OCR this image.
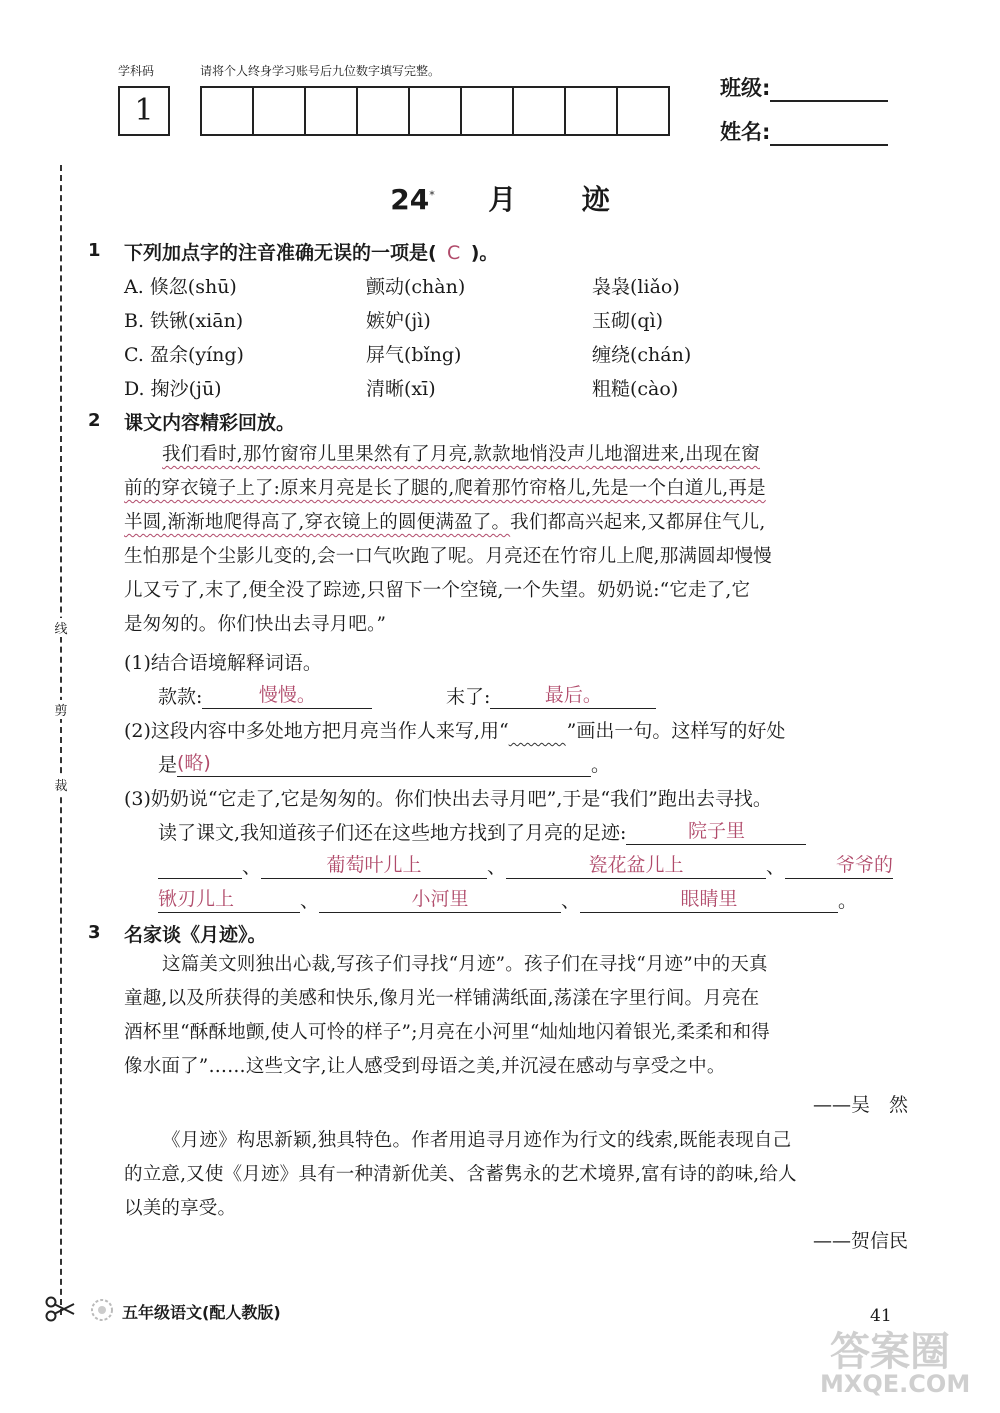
学科码	请将个人终身学习账号后九位数字填写完整。
1
班级:
姓名:
线
剪
裁
24* 月 迹
1 下列加点字的注音准确无误的一项是( C )。
A. 倏忽(shū)	颤动(chàn)	袅袅(liǎo)
B. 铁锹(xiān)	嫉妒(jì)	玉砌(qì)
C. 盈余(yíng)	屏气(bǐng)	缠绕(chán)
D. 掬沙(jū)	清晰(xī)	粗糙(cào)
2 课文内容精彩回放。
我们看时,那竹窗帘儿里果然有了月亮,款款地悄没声儿地溜进来,出现在窗
前的穿衣镜子上了:原来月亮是长了腿的,爬着那竹帘格儿,先是一个白道儿,再是
半圆,渐渐地爬得高了,穿衣镜上的圆便满盈了。我们都高兴起来,又都屏住气儿,
生怕那是个尘影儿变的,会一口气吹跑了呢。月亮还在竹帘儿上爬,那满圆却慢慢
儿又亏了,末了,便全没了踪迹,只留下一个空镜,一个失望。奶奶说:“它走了,它
是匆匆的。你们快出去寻月吧。”
(1)结合语境解释词语。
款款:	慢慢。	末了:	最后。
(2)这段内容中多处地方把月亮当作人来写,用“​　　　”画出一句。这样写的好处
是(略)	。
(3)奶奶说“它走了,它是匆匆的。你们快出去寻月吧”,于是“我们”跑出去寻找。
读了课文,我知道孩子们还在这些地方找到了月亮的足迹:	院子里
、	葡萄叶儿上	、	瓷花盆儿上	、	爷爷的
锹刃儿上	、	小河里	、	眼睛里	。
3 名家谈《月迹》。
这篇美文则独出心裁,写孩子们寻找“月迹”。孩子们在寻找“月迹”中的天真
童趣,以及所获得的美感和快乐,像月光一样铺满纸面,荡漾在字里行间。月亮在
酒杯里“酥酥地颤,使人可怜的样子”;月亮在小河里“灿灿地闪着银光,柔柔和和得
像水面了”……这些文字,让人感受到母语之美,并沉浸在感动与享受之中。
——吴　然
《月迹》构思新颖,独具特色。作者用追寻月迹作为行文的线索,既能表现自己
的立意,又使《月迹》具有一种清新优美、含蓄隽永的艺术境界,富有诗的韵味,给人
以美的享受。
——贺信民
五年级语文(配人教版)	41
答案圈
MXQE.COM
